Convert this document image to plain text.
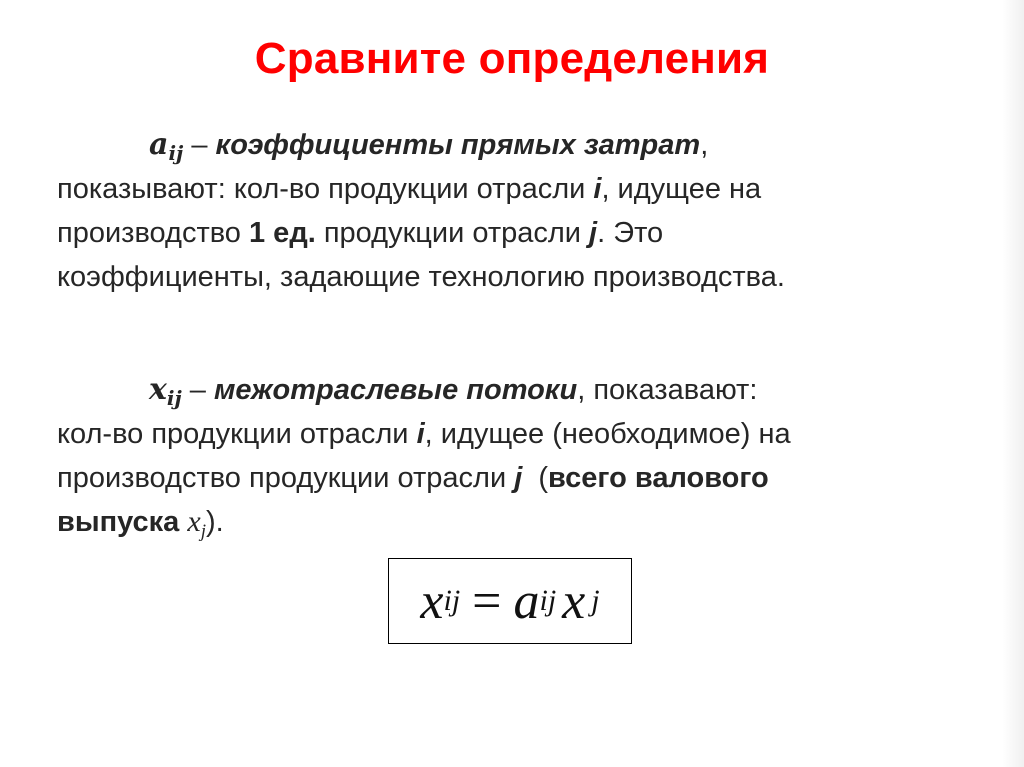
Сравните определения
$a_{ij}$ – коэффициенты прямых затрат,
показывают: кол-во продукции отрасли i, идущее на
производство 1 ед. продукции отрасли j. Это
коэффициенты, задающие технологию производства.
$x_{ij}$ – межотраслевые потоки, показавают:
кол-во продукции отрасли i, идущее (необходимое) на
производство продукции отрасли j  (всего валового
выпуска $x_j$).
x ij = a ij x j
